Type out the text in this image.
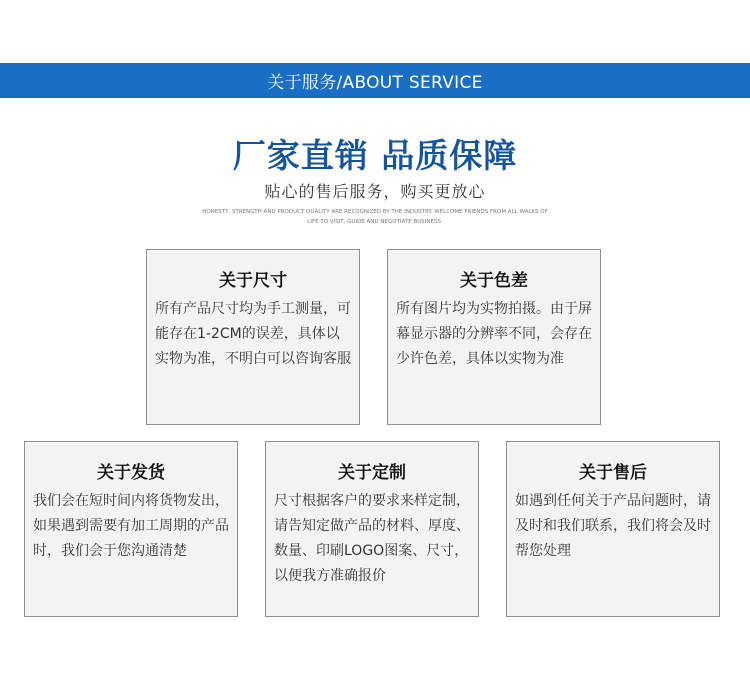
关于服务/ABOUT SERVICE
厂家直销 品质保障
贴心的售后服务，购买更放心
HONESTY, STRENGTH AND PRODUCT QUALITY ARE RECOGNIZED BY THE INDUSTRY. WELCOME FRIENDS FROM ALL WALKS OF LIFE TO VISIT, GUIDE AND NEGOTIATE BUSINESS.
关于尺寸
所有产品尺寸均为手工测量，可能存在1-2CM的误差，具体以实物为准，不明白可以咨询客服
关于色差
所有图片均为实物拍摄。由于屏幕显示器的分辨率不同，会存在少许色差，具体以实物为准
关于发货
我们会在短时间内将货物发出，如果遇到需要有加工周期的产品时，我们会于您沟通清楚
关于定制
尺寸根据客户的要求来样定制，请告知定做产品的材料、厚度、数量、印刷LOGO图案、尺寸，以便我方准确报价
关于售后
如遇到任何关于产品问题时，请及时和我们联系，我们将会及时帮您处理
